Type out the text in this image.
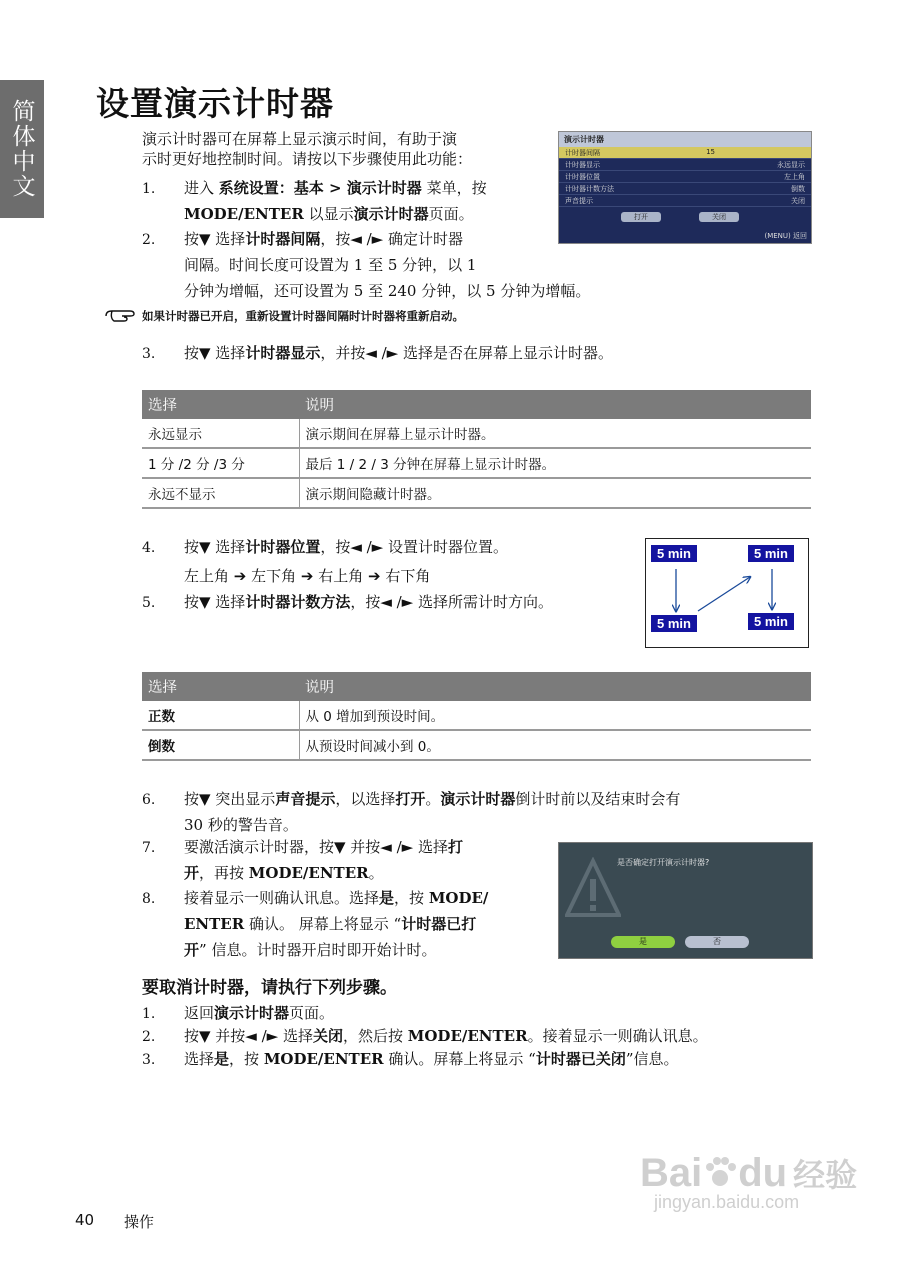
简体中文 设置演示计时器
演示计时器可在屏幕上显示演示时间，有助于演
示时更好地控制时间。请按以下步骤使用此功能：
演示计时器
计时器间隔	15
计时器显示	永远显示
计时器位置	左上角
计时器计数方法	倒数
声音提示	关闭
打开	关闭
(MENU) 返回
1. 进入 系统设置：基本 > 演示计时器 菜单，按
MODE/ENTER 以显示演示计时器页面。
2. 按▼ 选择计时器间隔，按◄ /► 确定计时器
间隔。时间长度可设置为 1 至 5 分钟，以 1
分钟为增幅，还可设置为 5 至 240 分钟，以 5 分钟为增幅。
如果计时器已开启，重新设置计时器间隔时计时器将重新启动。
3. 按▼ 选择计时器显示，并按◄ /► 选择是否在屏幕上显示计时器。
选择	说明
永远显示	演示期间在屏幕上显示计时器。
1 分 /2 分 /3 分	最后 1 / 2 / 3 分钟在屏幕上显示计时器。
永远不显示	演示期间隐藏计时器。
4. 按▼ 选择计时器位置，按◄ /► 设置计时器位置。
左上角 ➔ 左下角 ➔ 右上角 ➔ 右下角
5. 按▼ 选择计时器计数方法，按◄ /► 选择所需计时方向。
5 min	5 min
5 min	5 min
选择	说明
正数	从 0 增加到预设时间。
倒数	从预设时间减小到 0。
6. 按▼ 突出显示声音提示，以选择打开。演示计时器倒计时前以及结束时会有
30 秒的警告音。
7. 要激活演示计时器，按▼ 并按◄ /► 选择打
开，再按 MODE/ENTER。
8. 接着显示一则确认讯息。选择是，按 MODE/
ENTER 确认。 屏幕上将显示 “计时器已打
开” 信息。计时器开启时即开始计时。
是否确定打开演示计时器?
是	否
要取消计时器，请执行下列步骤。
1. 返回演示计时器页面。
2. 按▼ 并按◄ /► 选择关闭，然后按 MODE/ENTER。接着显示一则确认讯息。
3. 选择是，按 MODE/ENTER 确认。屏幕上将显示 “计时器已关闭”信息。
40 操作
Bai du 经验
jingyan.baidu.com
